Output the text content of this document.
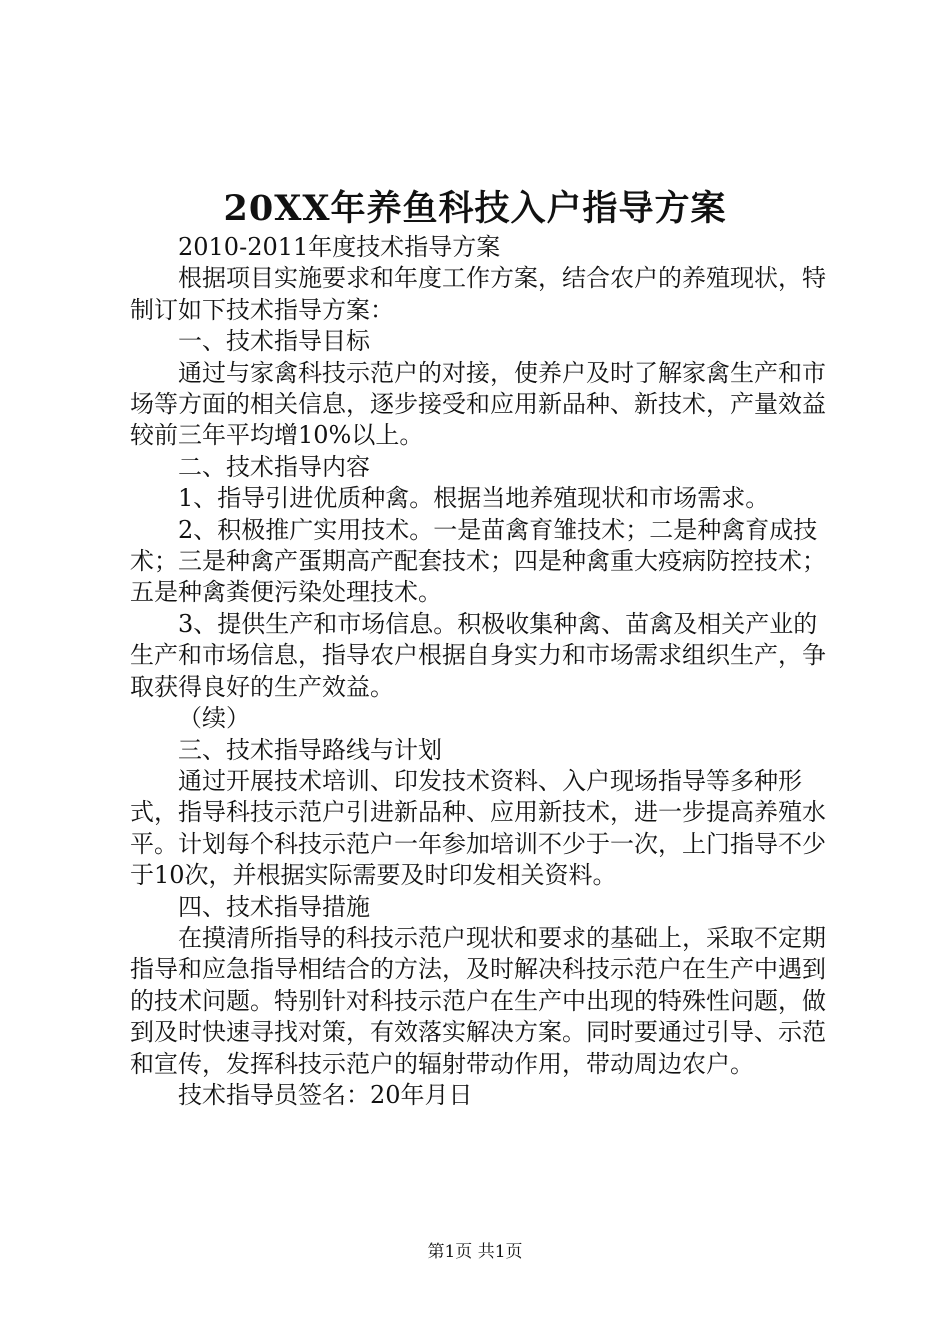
20XX年养鱼科技入户指导方案

2010-2011年度技术指导方案

根据项目实施要求和年度工作方案，结合农户的养殖现状，特制订如下技术指导方案：

一、技术指导目标

通过与家禽科技示范户的对接，使养户及时了解家禽生产和市场等方面的相关信息，逐步接受和应用新品种、新技术，产量效益较前三年平均增10%以上。

二、技术指导内容

1、指导引进优质种禽。根据当地养殖现状和市场需求。

2、积极推广实用技术。一是苗禽育雏技术；二是种禽育成技术；三是种禽产蛋期高产配套技术；四是种禽重大疫病防控技术；五是种禽粪便污染处理技术。

3、提供生产和市场信息。积极收集种禽、苗禽及相关产业的生产和市场信息，指导农户根据自身实力和市场需求组织生产，争取获得良好的生产效益。

（续）

三、技术指导路线与计划

通过开展技术培训、印发技术资料、入户现场指导等多种形式，指导科技示范户引进新品种、应用新技术，进一步提高养殖水平。计划每个科技示范户一年参加培训不少于一次，上门指导不少于10次，并根据实际需要及时印发相关资料。

四、技术指导措施

在摸清所指导的科技示范户现状和要求的基础上，采取不定期指导和应急指导相结合的方法，及时解决科技示范户在生产中遇到的技术问题。特别针对科技示范户在生产中出现的特殊性问题，做到及时快速寻找对策，有效落实解决方案。同时要通过引导、示范和宣传，发挥科技示范户的辐射带动作用，带动周边农户。

技术指导员签名：20年月日

第1页 共1页
